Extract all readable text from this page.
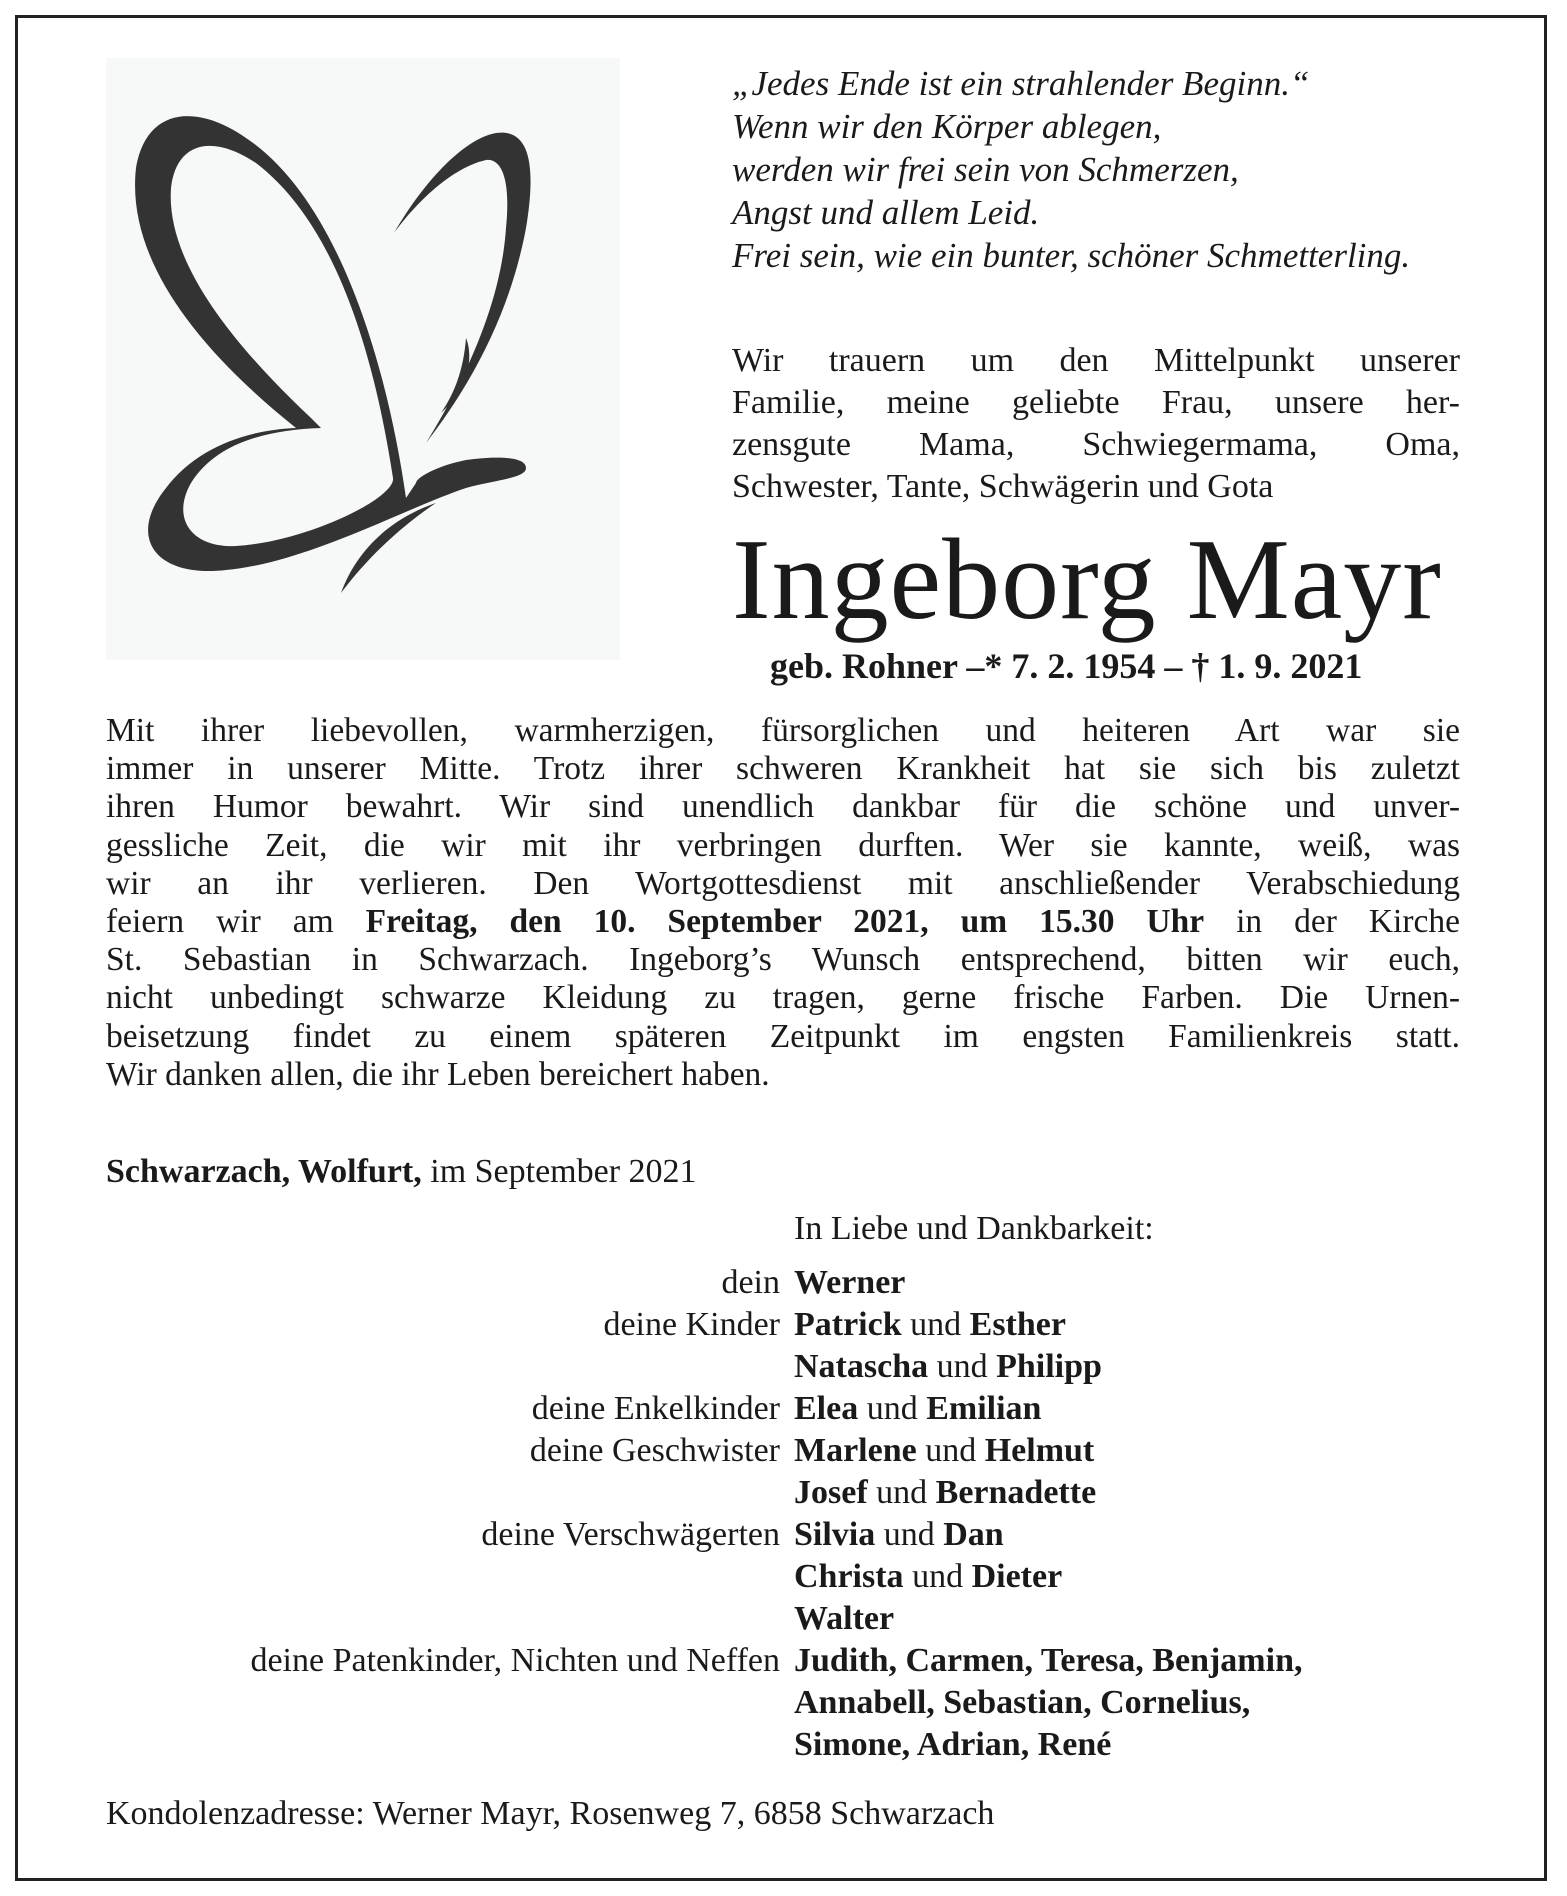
„Jedes Ende ist ein strahlender Beginn.“
Wenn wir den Körper ablegen,
werden wir frei sein von Schmerzen,
Angst und allem Leid.
Frei sein, wie ein bunter, schöner Schmetterling.
Wir trauern um den Mittelpunkt unserer
Familie, meine geliebte Frau, unsere her-
zensgute Mama, Schwiegermama, Oma,
Schwester, Tante, Schwägerin und Gota
Ingeborg Mayr
geb. Rohner –* 7. 2. 1954 – † 1. 9. 2021
Mit ihrer liebevollen, warmherzigen, fürsorglichen und heiteren Art war sie
immer in unserer Mitte. Trotz ihrer schweren Krankheit hat sie sich bis zuletzt
ihren Humor bewahrt. Wir sind unendlich dankbar für die schöne und unver-
gessliche Zeit, die wir mit ihr verbringen durften. Wer sie kannte, weiß, was
wir an ihr verlieren. Den Wortgottesdienst mit anschließender Verabschiedung
feiern wir am Freitag, den 10. September 2021, um 15.30 Uhr in der Kirche
St. Sebastian in Schwarzach. Ingeborg’s Wunsch entsprechend, bitten wir euch,
nicht unbedingt schwarze Kleidung zu tragen, gerne frische Farben. Die Urnen-
beisetzung findet zu einem späteren Zeitpunkt im engsten Familienkreis statt.
Wir danken allen, die ihr Leben bereichert haben.
Schwarzach, Wolfurt, im September 2021
In Liebe und Dankbarkeit:
dein Werner
deine Kinder Patrick und Esther
Natascha und Philipp
deine Enkelkinder Elea und Emilian
deine Geschwister Marlene und Helmut
Josef und Bernadette
deine Verschwägerten Silvia und Dan
Christa und Dieter
Walter
deine Patenkinder, Nichten und Neffen Judith, Carmen, Teresa, Benjamin,
Annabell, Sebastian, Cornelius,
Simone, Adrian, René
Kondolenzadresse: Werner Mayr, Rosenweg 7, 6858 Schwarzach
